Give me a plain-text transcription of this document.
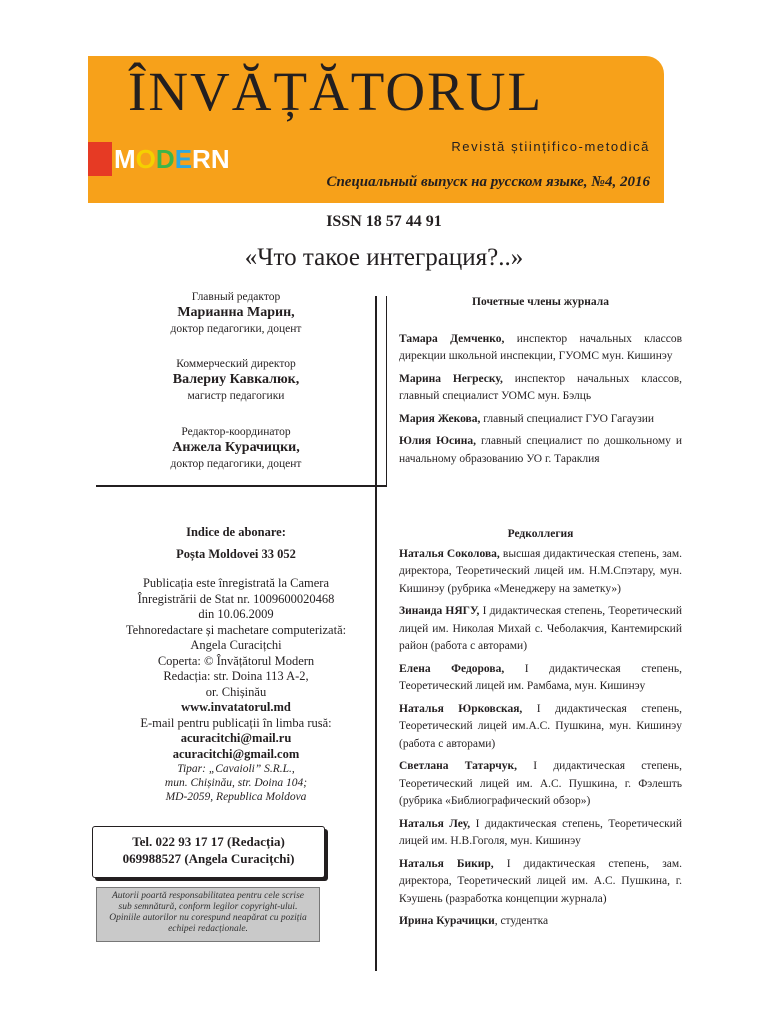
ÎNVĂȚĂTORUL
MODERN	Revistă științifico-metodică
Специальный выпуск на русском языке, №4, 2016
ISSN 18 57 44 91
«Что такое интеграция?..»
Главный редактор
Марианна Марин,
доктор педагогики, доцент
Коммерческий директор
Валериу Кавкалюк,
магистр педагогики
Редактор-координатор
Анжела Курачицки,
доктор педагогики, доцент
Indice de abonare:
Poșta Moldovei 33 052
Publicația este înregistrată la Camera
Înregistrării de Stat nr. 1009600020468
din 10.06.2009
Tehnoredactare și machetare computerizată:
Angela Curacițchi
Coperta: © Învățătorul Modern
Redacția: str. Doina 113 A-2,
or. Chișinău
www.invatatorul.md
E-mail pentru publicații în limba rusă:
acuracitchi@mail.ru
acuracitchi@gmail.com
Tipar: „Cavaioli” S.R.L.,
mun. Chișinău, str. Doina 104;
MD-2059, Republica Moldova
Tel. 022 93 17 17 (Redacția)
069988527 (Angela Curacițchi)
Autorii poartă responsabilitatea pentru cele scrise
sub semnătură, conform legilor copyright-ului.
Opiniile autorilor nu corespund neapărat cu poziția
echipei redacționale.
Почетные члены журнала

Тамара Демченко, инспектор начальных классов дирекции школьной инспекции, ГУОМС мун. Кишинэу

Марина Негреску, инспектор начальных классов, главный специалист УОМС мун. Бэлць

Мария Жекова, главный специалист ГУО Гагаузии

Юлия Юсина, главный специалист по дошкольному и начальному образованию УО г. Тараклия

Редколлегия

Наталья Соколова, высшая дидактическая степень, зам. директора, Теоретический лицей им. Н.М.Спэтару, мун. Кишинэу (рубрика «Менеджеру на заметку»)

Зинаида НЯГУ, I дидактическая степень, Теоретический лицей им. Николая Михай с. Чеболакчия, Кантемирский район (работа с авторами)

Елена Федорова, I дидактическая степень, Теоретический лицей им. Рамбама, мун. Кишинэу

Наталья Юрковская, I дидактическая степень, Теоретический лицей им.А.С. Пушкина, мун. Кишинэу (работа с авторами)

Светлана Татарчук, I дидактическая степень, Теоретический лицей им. А.С. Пушкина, г. Фэлешть (рубрика «Библиографический обзор»)

Наталья Леу, I дидактическая степень, Теоретический лицей им. Н.В.Гоголя, мун. Кишинэу

Наталья Бикир, I дидактическая степень, зам. директора, Теоретический лицей им. А.С. Пушкина, г. Кэушень (разработка концепции журнала)

Ирина Курачицки, студентка
